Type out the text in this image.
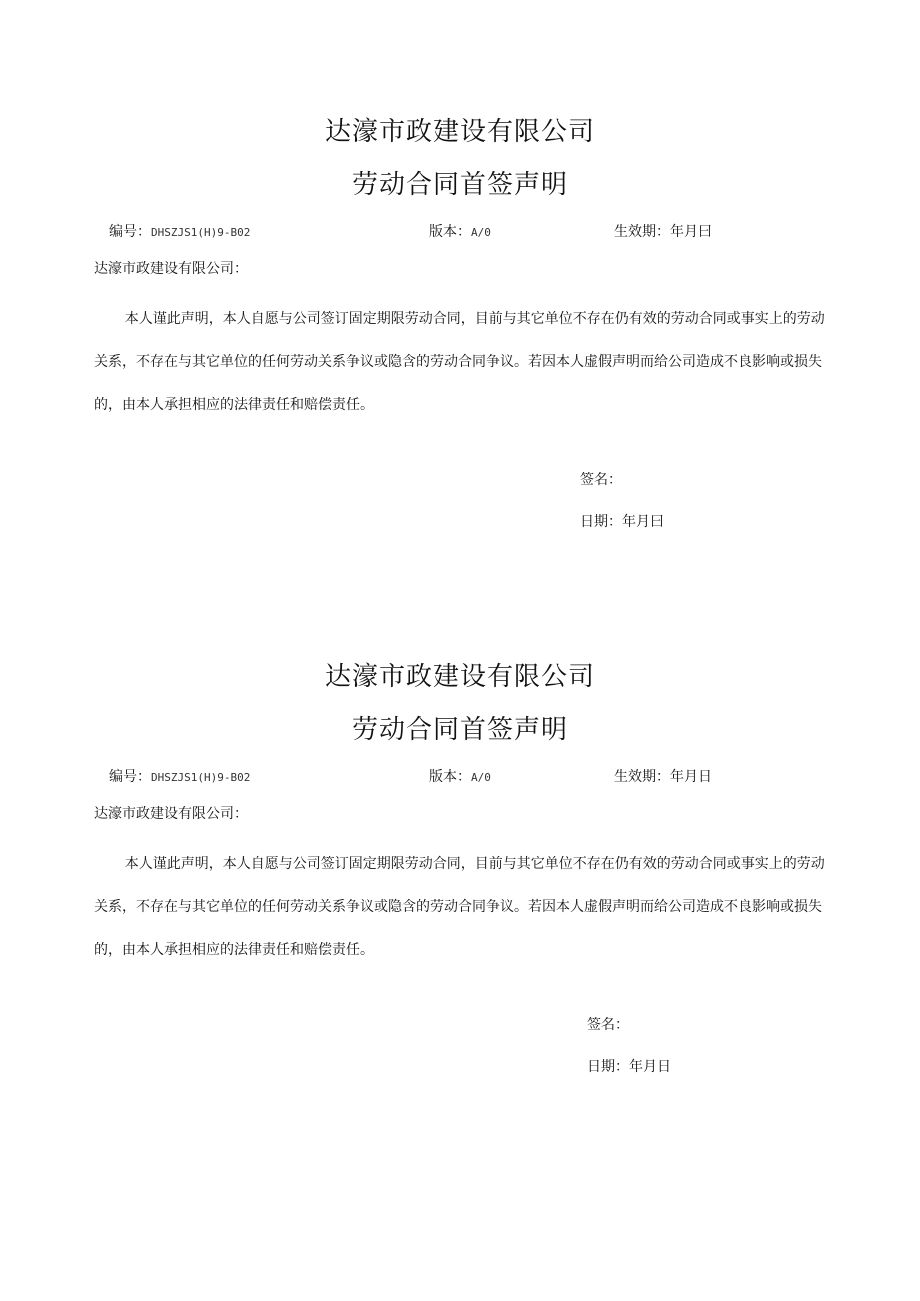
达濠市政建设有限公司
劳动合同首签声明
编号：DHSZJS1(H)9-B02	版本：A/0	生效期：年月曰
达濠市政建设有限公司：
本人谨此声明，本人自愿与公司签订固定期限劳动合同，目前与其它单位不存在仍有效的劳动合同或事实上的劳动关系，不存在与其它单位的任何劳动关系争议或隐含的劳动合同争议。若因本人虚假声明而给公司造成不良影响或损失的，由本人承担相应的法律责任和赔偿责任。
签名：
日期：年月曰
达濠市政建设有限公司
劳动合同首签声明
编号：DHSZJS1(H)9-B02	版本：A/0	生效期：年月日
达濠市政建设有限公司：
本人谨此声明，本人自愿与公司签订固定期限劳动合同，目前与其它单位不存在仍有效的劳动合同或事实上的劳动关系，不存在与其它单位的任何劳动关系争议或隐含的劳动合同争议。若因本人虚假声明而给公司造成不良影响或损失的，由本人承担相应的法律责任和赔偿责任。
签名：
日期：年月日
